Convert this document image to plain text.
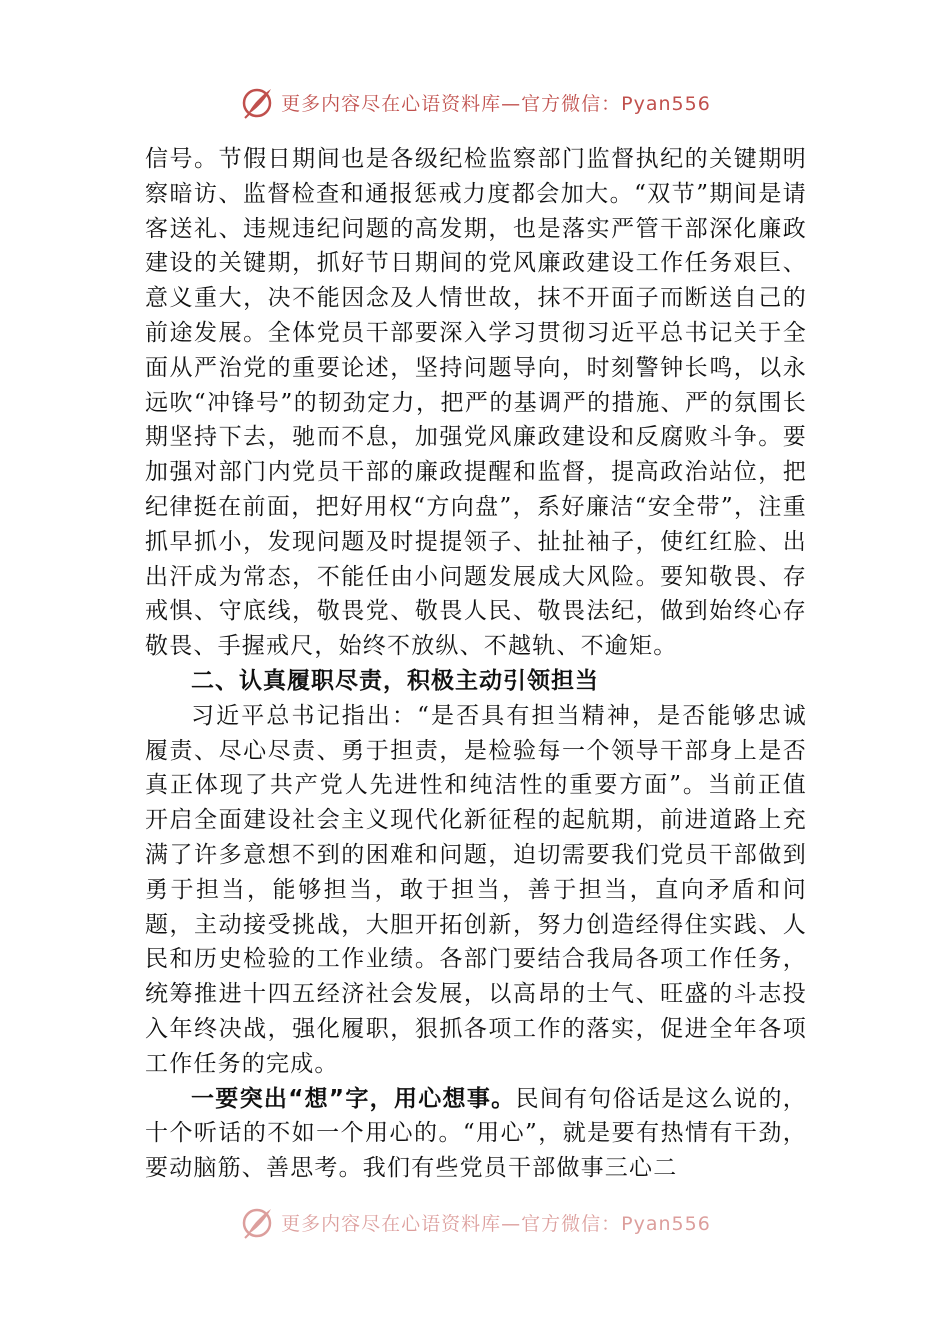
更多内容尽在心语资料库—官方微信：Pyan556

信号。节假日期间也是各级纪检监察部门监督执纪的关键期明察暗访、监督检查和通报惩戒力度都会加大。“双节”期间是请客送礼、违规违纪问题的高发期，也是落实严管干部深化廉政建设的关键期，抓好节日期间的党风廉政建设工作任务艰巨、意义重大，决不能因念及人情世故，抹不开面子而断送自己的前途发展。全体党员干部要深入学习贯彻习近平总书记关于全面从严治党的重要论述，坚持问题导向，时刻警钟长鸣，以永远吹“冲锋号”的韧劲定力，把严的基调严的措施、严的氛围长期坚持下去，驰而不息，加强党风廉政建设和反腐败斗争。要加强对部门内党员干部的廉政提醒和监督，提高政治站位，把纪律挺在前面，把好用权“方向盘”，系好廉洁“安全带”，注重抓早抓小，发现问题及时提提领子、扯扯袖子，使红红脸、出出汗成为常态，不能任由小问题发展成大风险。要知敬畏、存戒惧、守底线，敬畏党、敬畏人民、敬畏法纪，做到始终心存敬畏、手握戒尺，始终不放纵、不越轨、不逾矩。

二、认真履职尽责，积极主动引领担当

习近平总书记指出：“是否具有担当精神，是否能够忠诚履责、尽心尽责、勇于担责，是检验每一个领导干部身上是否真正体现了共产党人先进性和纯洁性的重要方面”。当前正值开启全面建设社会主义现代化新征程的起航期，前进道路上充满了许多意想不到的困难和问题，迫切需要我们党员干部做到勇于担当，能够担当，敢于担当，善于担当，直向矛盾和问题，主动接受挑战，大胆开拓创新，努力创造经得住实践、人民和历史检验的工作业绩。各部门要结合我局各项工作任务，统筹推进十四五经济社会发展，以高昂的士气、旺盛的斗志投入年终决战，强化履职，狠抓各项工作的落实，促进全年各项工作任务的完成。

一要突出“想”字，用心想事。民间有句俗话是这么说的，十个听话的不如一个用心的。“用心”，就是要有热情有干劲，要动脑筋、善思考。我们有些党员干部做事三心二

更多内容尽在心语资料库—官方微信：Pyan556
